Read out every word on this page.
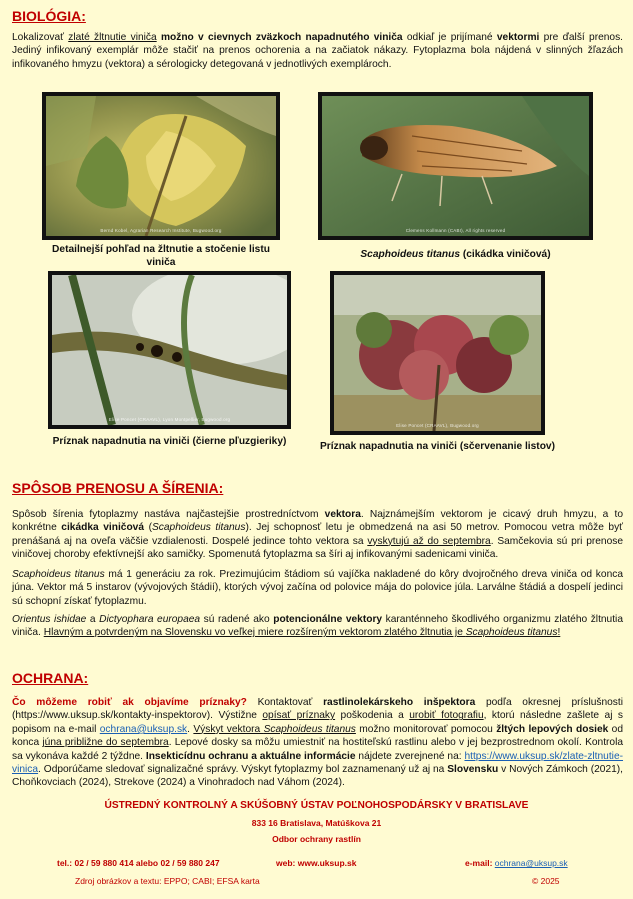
BIOLÓGIA:

Lokalizovať zlaté žltnutie viniča možno v cievnych zväzkoch napadnutého viniča odkiaľ je prijímané vektormi pre ďalší prenos. Jediný infikovaný exemplár môže stačiť na prenos ochorenia a na začiatok nákazy. Fytoplazma bola nájdená v slinných žľazách infikovaného hmyzu (vektora) a sérologicky detegovaná v jednotlivých exemplároch.

Bernd Kobel, Agrarian Research Institute, Bugwood.org
Detailnejší pohľad na žltnutie a stočenie listu viniča
Clemens Kollmann (CABI), All rights reserved
Scaphoideus titanus (cikádka viničová)
Elise Poncet (CRAAVL), Lyon Montpellier, Bugwood.org
Príznak napadnutia na viniči (čierne pľuzgieriky)
Elise Poncet (CRAAVL), Bugwood.org
Príznak napadnutia na viniči (sčervenanie listov)
SPÔSOB PRENOSU A ŠÍRENIA:

Spôsob šírenia fytoplazmy nastáva najčastejšie prostredníctvom vektora. Najznámejším vektorom je cicavý druh hmyzu, a to konkrétne cikádka viničová (Scaphoideus titanus). Jej schopnosť letu je obmedzená na asi 50 metrov. Pomocou vetra môže byť prenášaná aj na oveľa väčšie vzdialenosti. Dospelé jedince tohto vektora sa vyskytujú až do septembra. Samčekovia sú pri prenose viničovej choroby efektívnejší ako samičky. Spomenutá fytoplazma sa šíri aj infikovanými sadenicami viniča.

Scaphoideus titanus má 1 generáciu za rok. Prezimujúcim štádiom sú vajíčka nakladené do kôry dvojročného dreva viniča od konca júna. Vektor má 5 instarov (vývojových štádií), ktorých vývoj začína od polovice mája do polovice júla. Larválne štádiá a dospelí jedinci sú schopní získať fytoplazmu.

Orientus ishidae a Dictyophara europaea sú radené ako potencionálne vektory karanténneho škodlivého organizmu zlatého žltnutia viniča. Hlavným a potvrdeným na Slovensku vo veľkej miere rozšíreným vektorom zlatého žltnutia je Scaphoideus titanus!

OCHRANA:

Čo môžeme robiť ak objavíme príznaky? Kontaktovať rastlinolekárskeho inšpektora podľa okresnej príslušnosti (https://www.uksup.sk/kontakty-inspektorov). Výstižne opísať príznaky poškodenia a urobiť fotografiu, ktorú následne zašlete aj s popisom na e-mail ochrana@uksup.sk. Výskyt vektora Scaphoideus titanus možno monitorovať pomocou žltých lepových dosiek od konca júna približne do septembra. Lepové dosky sa môžu umiestniť na hostiteľskú rastlinu alebo v jej bezprostrednom okolí. Kontrola sa vykonáva každé 2 týždne. Insekticídnu ochranu a aktuálne informácie nájdete zverejnené na: https://www.uksup.sk/zlate-zltnutie-vinica. Odporúčame sledovať signalizačné správy. Výskyt fytoplazmy bol zaznamenaný už aj na Slovensku v Nových Zámkoch (2021), Choňkovciach (2024), Strekove (2024) a Vinohradoch nad Váhom (2024).

ÚSTREDNÝ KONTROLNÝ A SKÚŠOBNÝ ÚSTAV POĽNOHOSPODÁRSKY V BRATISLAVE
833 16 Bratislava, Matúškova 21
Odbor ochrany rastlín
tel.: 02 / 59 880 414 alebo 02 / 59 880 247	web: www.uksup.sk	e-mail: ochrana@uksup.sk
Zdroj obrázkov a textu: EPPO; CABI; EFSA karta	© 2025
